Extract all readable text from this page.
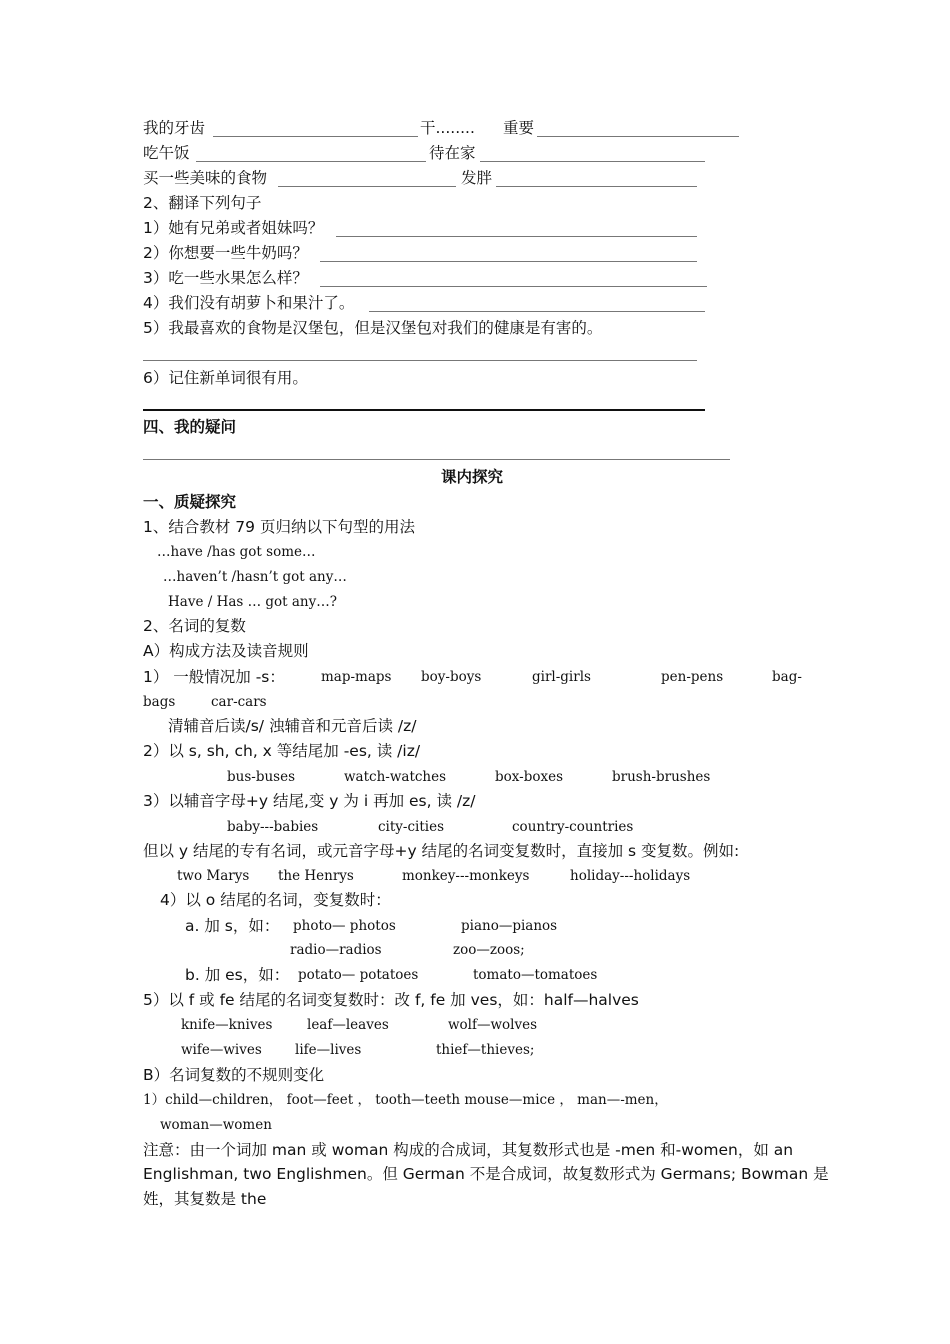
我的牙齿	干........ 重要
吃午饭	待在家
买一些美味的食物	发胖
2、翻译下列句子
1）她有兄弟或者姐妹吗？
2）你想要一些牛奶吗？
3）吃一些水果怎么样？
4）我们没有胡萝卜和果汁了。
5）我最喜欢的食物是汉堡包，但是汉堡包对我们的健康是有害的。
6）记住新单词很有用。
四、我的疑问
课内探究
一、质疑探究
1、结合教材 79 页归纳以下句型的用法
…have /has got some…
…haven’t /hasn’t got any…
Have / Has … got any…?
2、名词的复数
A）构成方法及读音规则
1） 一般情况加 -s：	map-maps boy-boys	girl-girls	pen-pens	bag-
bags	car-cars
清辅音后读/s/ 浊辅音和元音后读 /z/
2）以 s, sh, ch, x 等结尾加 -es, 读 /iz/
bus-buses	watch-watches	box-boxes	brush-brushes
3）以辅音字母+y 结尾,变 y 为 i 再加 es, 读 /z/
baby---babies	city-cities	country-countries
但以 y 结尾的专有名词，或元音字母+y 结尾的名词变复数时，直接加 s 变复数。例如:
two Marys the Henrys	monkey---monkeys	holiday---holidays
4）以 o 结尾的名词，变复数时：
a. 加 s，如： photo— photos	piano—pianos
radio—radios	zoo—zoos;
b. 加 es，如： potato— potatoes	tomato—tomatoes
5）以 f 或 fe 结尾的名词变复数时：改 f, fe 加 ves，如：half—halves
knife—knives	leaf—leaves	wolf—wolves
wife—wives life—lives	thief—thieves;
B）名词复数的不规则变化
1）child—children， foot—feet ， tooth—teeth mouse—mice ， man—-men，
woman—women
注意：由一个词加 man 或 woman 构成的合成词，其复数形式也是 -men 和-women，如 an
Englishman, two Englishmen。但 German 不是合成词，故复数形式为 Germans; Bowman 是
姓，其复数是 the
